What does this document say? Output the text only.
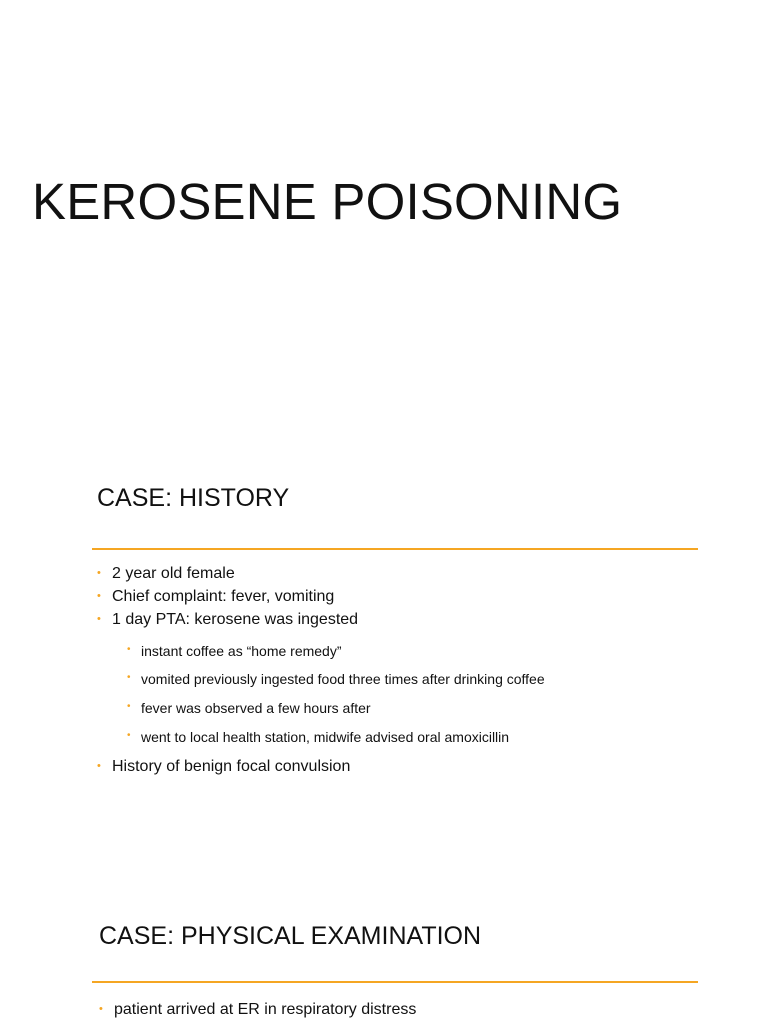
KEROSENE POISONING
CASE: HISTORY
• 2 year old female
• Chief complaint: fever, vomiting
• 1 day PTA: kerosene was ingested
• instant coffee as “home remedy”
• vomited previously ingested food three times after drinking coffee
• fever was observed a few hours after
• went to local health station, midwife advised oral amoxicillin
• History of benign focal convulsion
CASE: PHYSICAL EXAMINATION
• patient arrived at ER in respiratory distress
